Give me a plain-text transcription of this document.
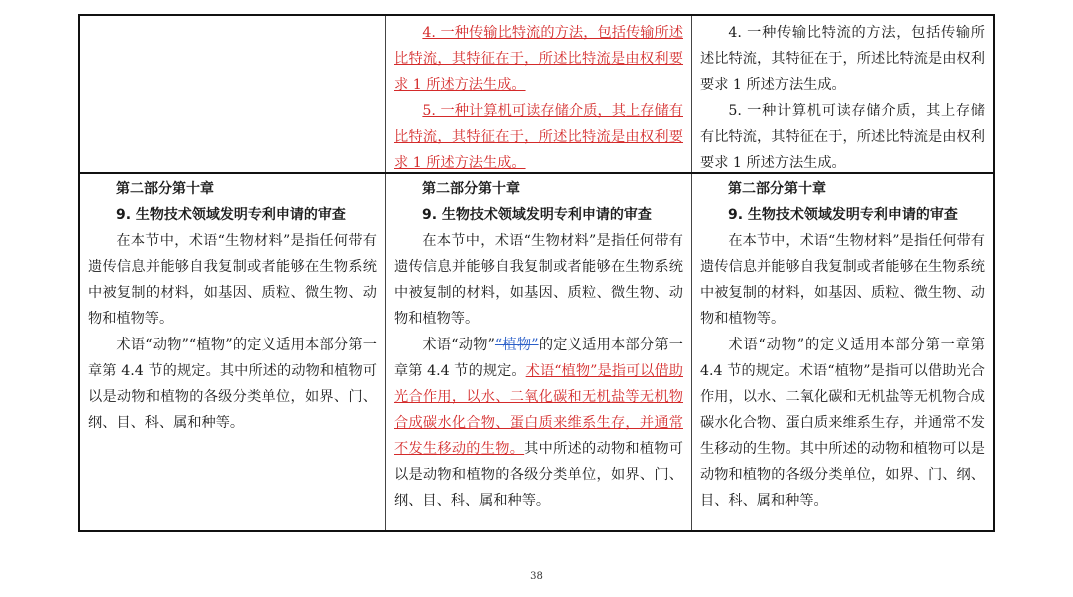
4. 一种传输比特流的方法，包括传输所述比特流，其特征在于，所述比特流是由权利要求 1 所述方法生成。

5. 一种计算机可读存储介质，其上存储有比特流，其特征在于，所述比特流是由权利要求 1 所述方法生成。

4. 一种传输比特流的方法，包括传输所述比特流，其特征在于，所述比特流是由权利要求 1 所述方法生成。

5. 一种计算机可读存储介质，其上存储有比特流，其特征在于，所述比特流是由权利要求 1 所述方法生成。

第二部分第十章

9. 生物技术领域发明专利申请的审查

在本节中，术语“生物材料”是指任何带有遗传信息并能够自我复制或者能够在生物系统中被复制的材料，如基因、质粒、微生物、动物和植物等。

术语“动物”“植物”的定义适用本部分第一章第 4.4 节的规定。其中所述的动物和植物可以是动物和植物的各级分类单位，如界、门、纲、目、科、属和种等。

第二部分第十章

9. 生物技术领域发明专利申请的审查

在本节中，术语“生物材料”是指任何带有遗传信息并能够自我复制或者能够在生物系统中被复制的材料，如基因、质粒、微生物、动物和植物等。

术语“动物”“植物”的定义适用本部分第一章第 4.4 节的规定。术语“植物”是指可以借助光合作用，以水、二氧化碳和无机盐等无机物合成碳水化合物、蛋白质来维系生存，并通常不发生移动的生物。其中所述的动物和植物可以是动物和植物的各级分类单位，如界、门、纲、目、科、属和种等。

第二部分第十章

9. 生物技术领域发明专利申请的审查

在本节中，术语“生物材料”是指任何带有遗传信息并能够自我复制或者能够在生物系统中被复制的材料，如基因、质粒、微生物、动物和植物等。

术语“动物”的定义适用本部分第一章第 4.4 节的规定。术语“植物”是指可以借助光合作用，以水、二氧化碳和无机盐等无机物合成碳水化合物、蛋白质来维系生存，并通常不发生移动的生物。其中所述的动物和植物可以是动物和植物的各级分类单位，如界、门、纲、目、科、属和种等。

38
